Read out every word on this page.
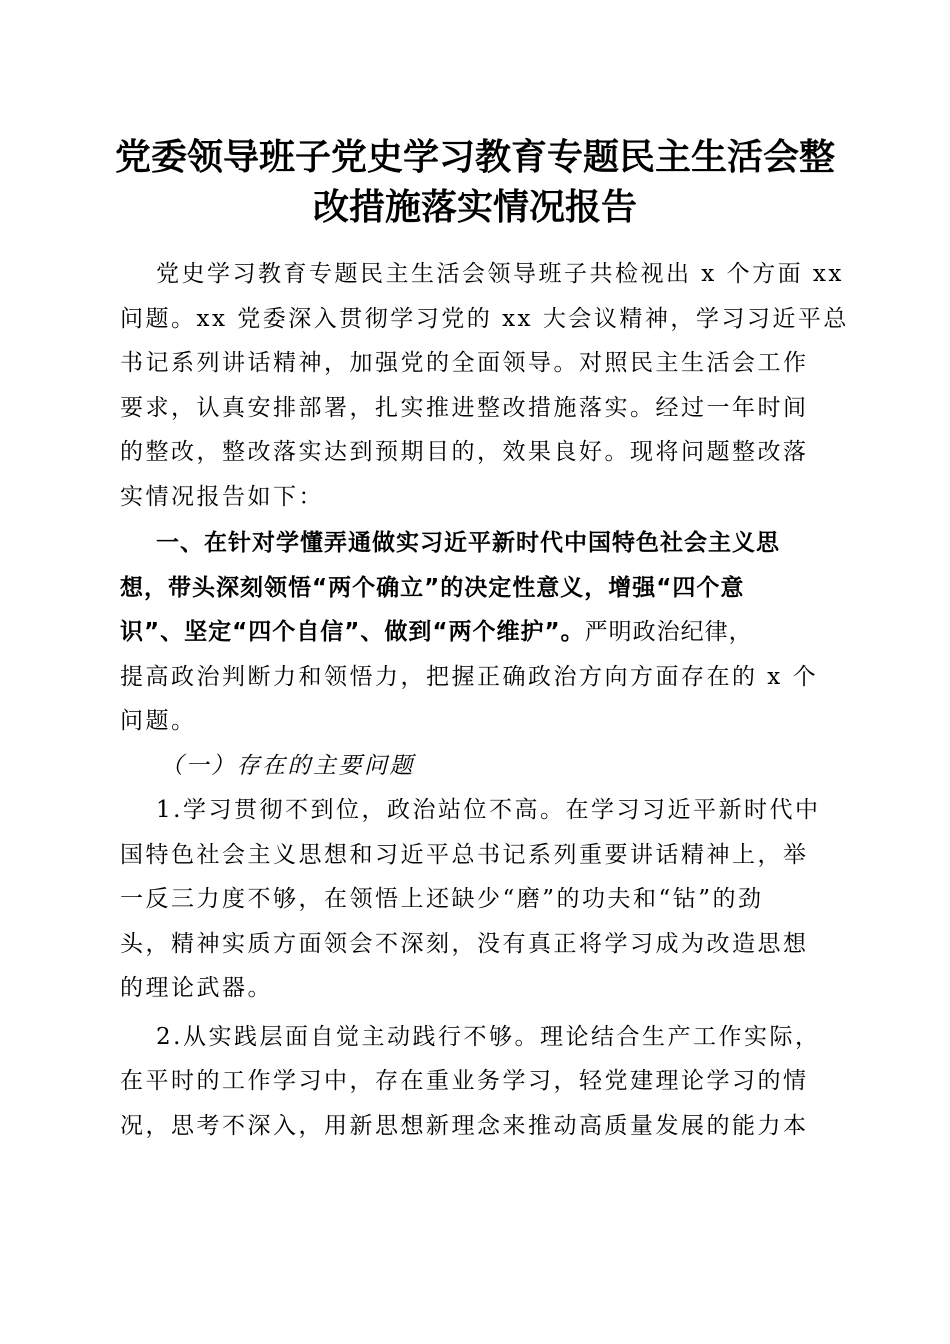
党委领导班子党史学习教育专题民主生活会整
改措施落实情况报告
党史学习教育专题民主生活会领导班子共检视出 x 个方面 xx
问题。xx 党委深入贯彻学习党的 xx 大会议精神，学习习近平总
书记系列讲话精神，加强党的全面领导。对照民主生活会工作
要求，认真安排部署，扎实推进整改措施落实。经过一年时间
的整改，整改落实达到预期目的，效果良好。现将问题整改落
实情况报告如下：
一、在针对学懂弄通做实习近平新时代中国特色社会主义思
想，带头深刻领悟“两个确立”的决定性意义，增强“四个意
识”、坚定“四个自信”、做到“两个维护”。严明政治纪律，
提高政治判断力和领悟力，把握正确政治方向方面存在的 x 个
问题。
（一）存在的主要问题
1.学习贯彻不到位，政治站位不高。在学习习近平新时代中
国特色社会主义思想和习近平总书记系列重要讲话精神上，举
一反三力度不够，在领悟上还缺少“磨”的功夫和“钻”的劲
头，精神实质方面领会不深刻，没有真正将学习成为改造思想
的理论武器。
2.从实践层面自觉主动践行不够。理论结合生产工作实际，
在平时的工作学习中，存在重业务学习，轻党建理论学习的情
况，思考不深入，用新思想新理念来推动高质量发展的能力本
